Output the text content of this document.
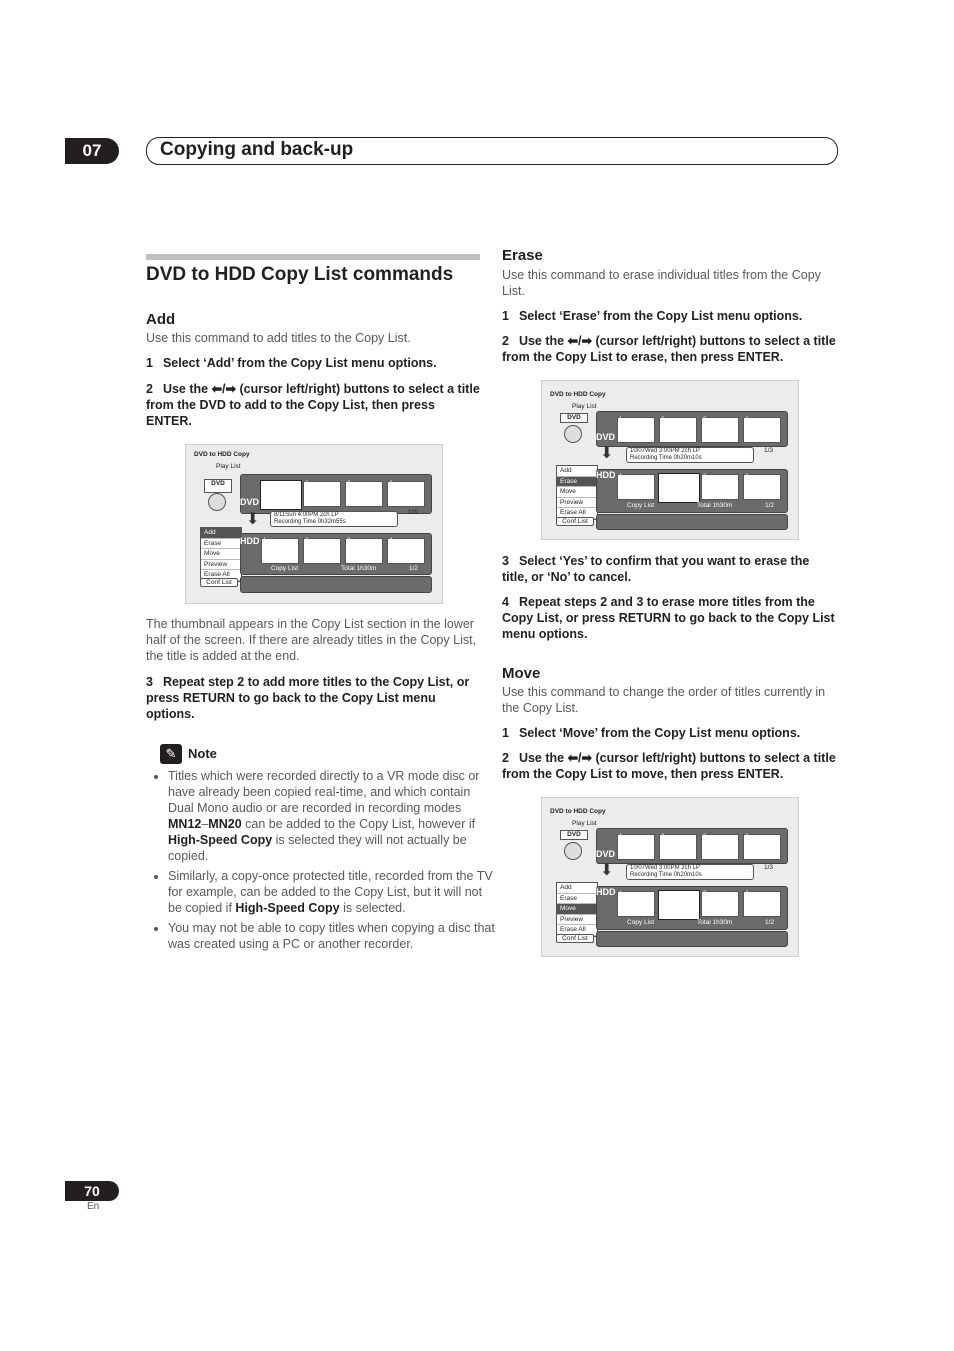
07	Copying and back-up
DVD to HDD Copy List commands
Add
Use this command to add titles to the Copy List.
1 Select ‘Add’ from the Copy List menu options.
2 Use the ⬅/➡ (cursor left/right) buttons to select a title from the DVD to add to the Copy List, then press ENTER.
DVD to HDD Copy
Play List
DVD
DVD
1	2	3	4
⬇ 8/11Sun 4:00PM 2ch LP
Recording Time 0h32m55s
1/3
Add
Erase
Move
Preview
Erase All
HDD 1	2	3	4
Copy List	Total 1h30m	1/2
Conf List
The thumbnail appears in the Copy List section in the lower half of the screen. If there are already titles in the Copy List, the title is added at the end.
3 Repeat step 2 to add more titles to the Copy List, or press RETURN to go back to the Copy List menu options.
✎ Note
• Titles which were recorded directly to a VR mode disc or have already been copied real-time, and which contain Dual Mono audio or are recorded in recording modes MN12–MN20 can be added to the Copy List, however if High-Speed Copy is selected they will not actually be copied.
• Similarly, a copy-once protected title, recorded from the TV for example, can be added to the Copy List, but it will not be copied if High-Speed Copy is selected.
• You may not be able to copy titles when copying a disc that was created using a PC or another recorder.
Erase
Use this command to erase individual titles from the Copy List.
1 Select ‘Erase’ from the Copy List menu options.
2 Use the ⬅/➡ (cursor left/right) buttons to select a title from the Copy List to erase, then press ENTER.
DVD to HDD Copy
Play List
DVD
DVD
1	2	3	4
⬇	10/07Wed 3:00PM 2ch LP
Recording Time 0h20m10s
1/3
Add
Erase
Move
Preview
Erase All
HDD 1	2	3	4
Copy List	Total 1h30m	1/2
Conf List
3 Select ‘Yes’ to confirm that you want to erase the title, or ‘No’ to cancel.
4 Repeat steps 2 and 3 to erase more titles from the Copy List, or press RETURN to go back to the Copy List menu options.
Move
Use this command to change the order of titles currently in the Copy List.
1 Select ‘Move’ from the Copy List menu options.
2 Use the ⬅/➡ (cursor left/right) buttons to select a title from the Copy List to move, then press ENTER.
DVD to HDD Copy
Play List
DVD
DVD
1	2	3	4
⬇	10/07Wed 3:00PM 2ch LP
Recording Time 0h20m10s
1/3
Add
Erase
Move
Preview
Erase All
HDD 1	2	3	4
Copy List	Total 1h30m	1/2
Conf List
70
En
